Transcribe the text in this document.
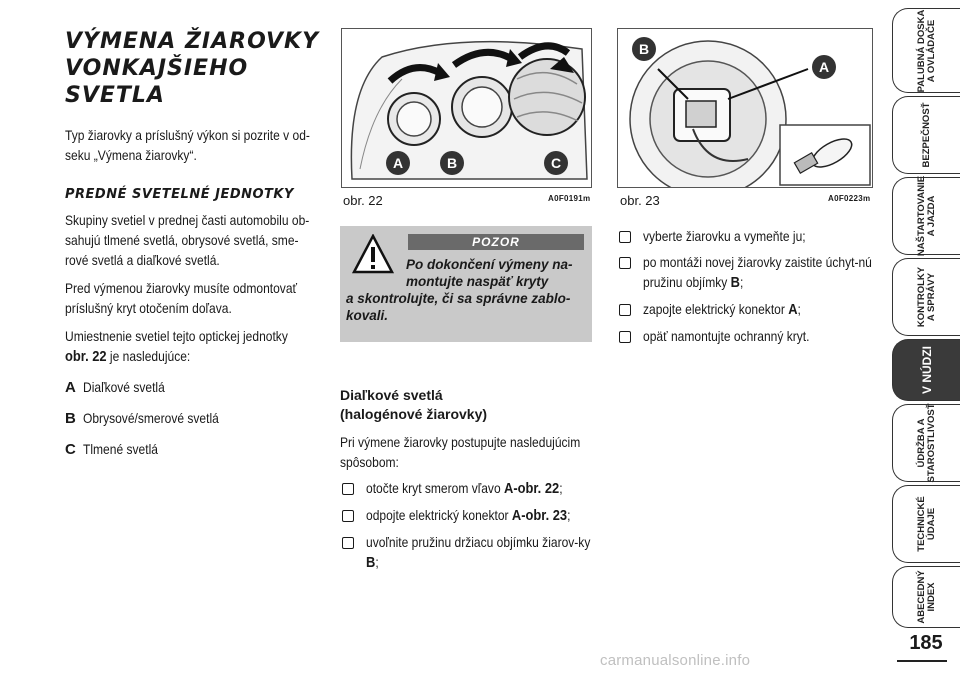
VÝMENA ŽIAROVKY
VONKAJŠIEHO
SVETLA
Typ žiarovky a príslušný výkon si pozrite v od-
seku „Výmena žiarovky“.
PREDNÉ SVETELNÉ JEDNOTKY
Skupiny svetiel v prednej časti automobilu ob-
sahujú tlmené svetlá, obrysové svetlá, sme-
rové svetlá a diaľkové svetlá.
Pred výmenou žiarovky musíte odmontovať
príslušný kryt otočením doľava.
Umiestnenie svetiel tejto optickej jednotky
obr. 22 je nasledujúce:
A Diaľkové svetlá
B Obrysové/smerové svetlá
C Tlmené svetlá
A	B	C
obr. 22	A0F0191m
B
A
obr. 23	A0F0223m
POZOR
Po dokončení výmeny na-
montujte naspäť kryty
a skontrolujte, či sa správne zablo-
kovali.
Diaľkové svetlá
(halogénové žiarovky)
Pri výmene žiarovky postupujte nasledujúcim
spôsobom:
otočte kryt smerom vľavo A-obr. 22;
odpojte elektrický konektor A-obr. 23;
uvoľnite pružinu držiacu objímku žiarov-ky B;
vyberte žiarovku a vymeňte ju;
po montáži novej žiarovky zaistite úchyt-nú pružinu objímky B;
zapojte elektrický konektor A;
opäť namontujte ochranný kryt.
PALUBNÁ DOSKA
A OVLÁDAČE
BEZPEČNOSŤ
NAŠTARTOVANIE
A JAZDA
KONTROLKY
A SPRÁVY
V NÚDZI
ÚDRŽBA A
STAROSTLIVOSŤ
TECHNICKÉ
ÚDAJE
ABECEDNÝ
INDEX
185
carmanualsonline.info
